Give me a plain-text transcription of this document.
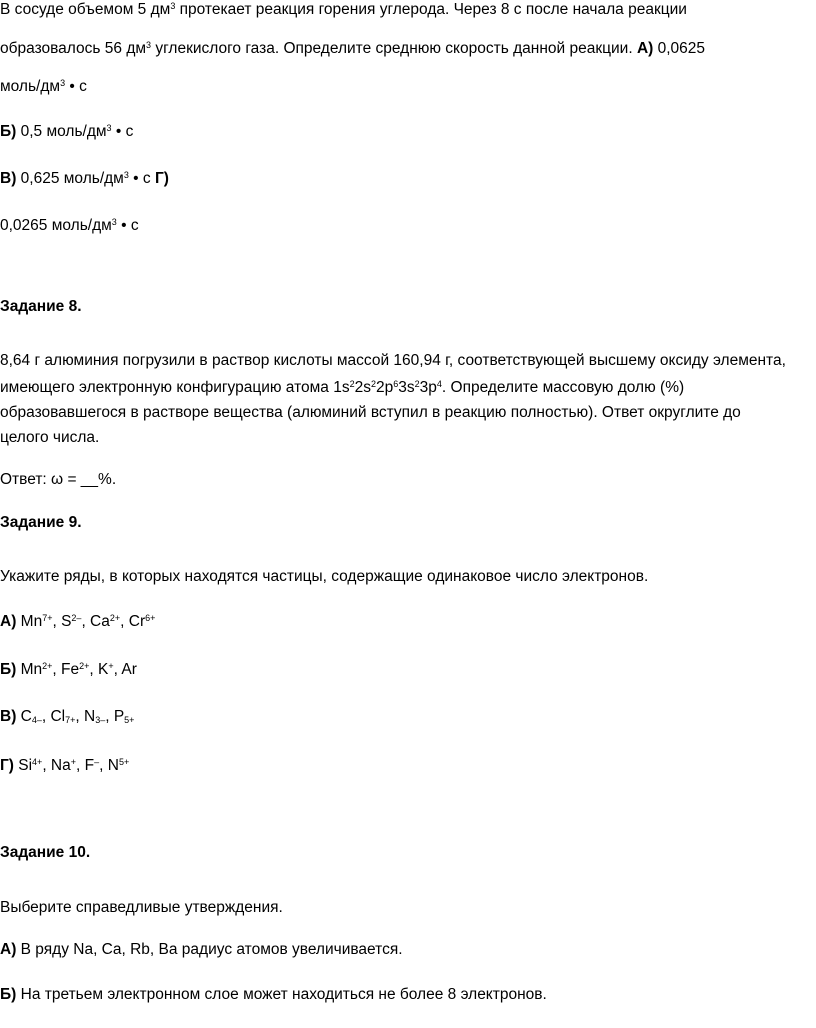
В сосуде объемом 5 $дм^3$ протекает реакция горения углерода. Через 8 с после начала реакции
образовалось 56 $дм^3$ углекислого газа. Определите среднюю скорость данной реакции. А) 0,0625
моль/$дм^3$ • с
Б) 0,5 моль/$дм^3$ • с
В) 0,625 моль/$дм^3$ • с Г)
0,0265 моль/$дм^3$ • с
Задание 8.
8,64 г алюминия погрузили в раствор кислоты массой 160,94 г, соответствующей высшему оксиду элемента,
имеющего электронную конфигурацию атома $1s^22s^22p^63s^23p^4$. Определите массовую долю (%)
образовавшегося в растворе вещества (алюминий вступил в реакцию полностью). Ответ округлите до
целого числа.
Ответ: ω = __%.
Задание 9.
Укажите ряды, в которых находятся частицы, содержащие одинаковое число электронов.
А) $Mn^{7+}$, $S^{2-}$, $Ca^{2+}$, $Cr^{6+}$
Б) $Mn^{2+}$, $Fe^{2+}$, K+, Ar
В) $C_{4-}$, $Cl_{7+}$, $N_{3-}$, $P_{5+}$
Г) $Si^{4+}$, Na+, F–, $N^{5+}$
Задание 10.
Выберите справедливые утверждения.
А) В ряду Na, Ca, Rb, Ba радиус атомов увеличивается.
Б) На третьем электронном слое может находиться не более 8 электронов.
